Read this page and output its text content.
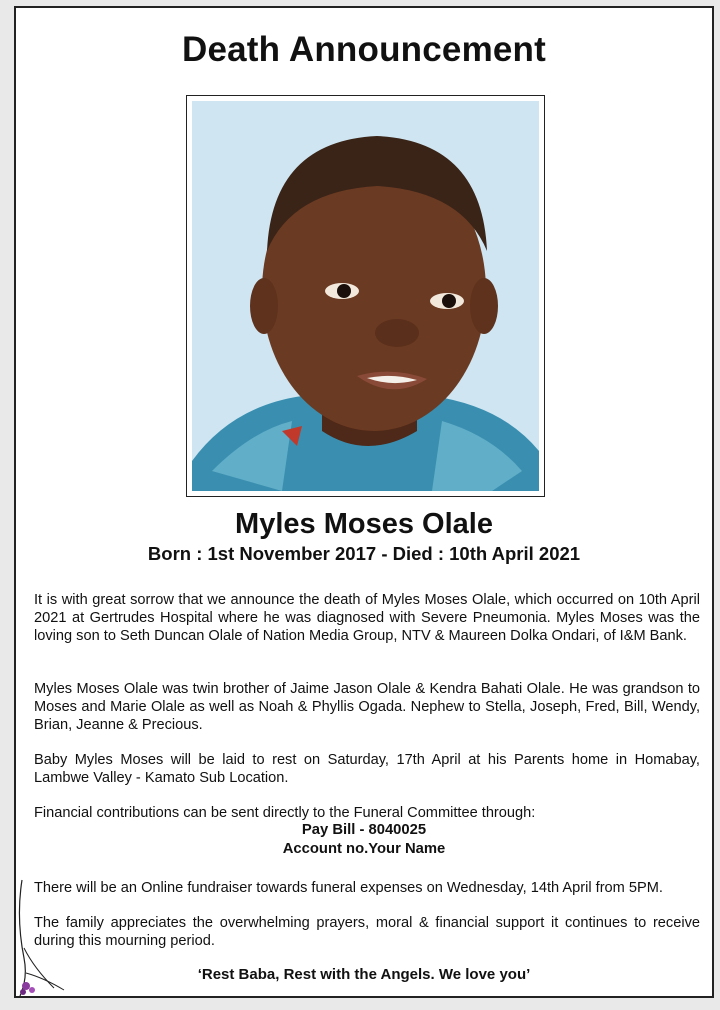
Death Announcement
Myles Moses Olale
Born : 1st November 2017 - Died : 10th April 2021

It is with great sorrow that we announce the death of Myles Moses Olale, which occurred on 10th April 2021 at Gertrudes Hospital where he was diagnosed with Severe Pneumonia. Myles Moses was the loving son to Seth Duncan Olale of Nation Media Group, NTV & Maureen Dolka Ondari, of I&M Bank.

Myles Moses Olale was twin brother of Jaime Jason Olale & Kendra Bahati Olale. He was grandson to Moses and Marie Olale as well as Noah & Phyllis Ogada. Nephew to Stella, Joseph, Fred, Bill, Wendy, Brian, Jeanne & Precious.

Baby Myles Moses will be laid to rest on Saturday, 17th April at his Parents home in Homabay, Lambwe Valley - Kamato Sub Location.

Financial contributions can be sent directly to the Funeral Committee through:

Pay Bill - 8040025
Account no.Your Name

There will be an Online fundraiser towards funeral expenses on Wednesday, 14th April from 5PM.

The family appreciates the overwhelming prayers, moral & financial support it continues to receive during this mourning period.

‘Rest Baba, Rest with the Angels. We love you’
